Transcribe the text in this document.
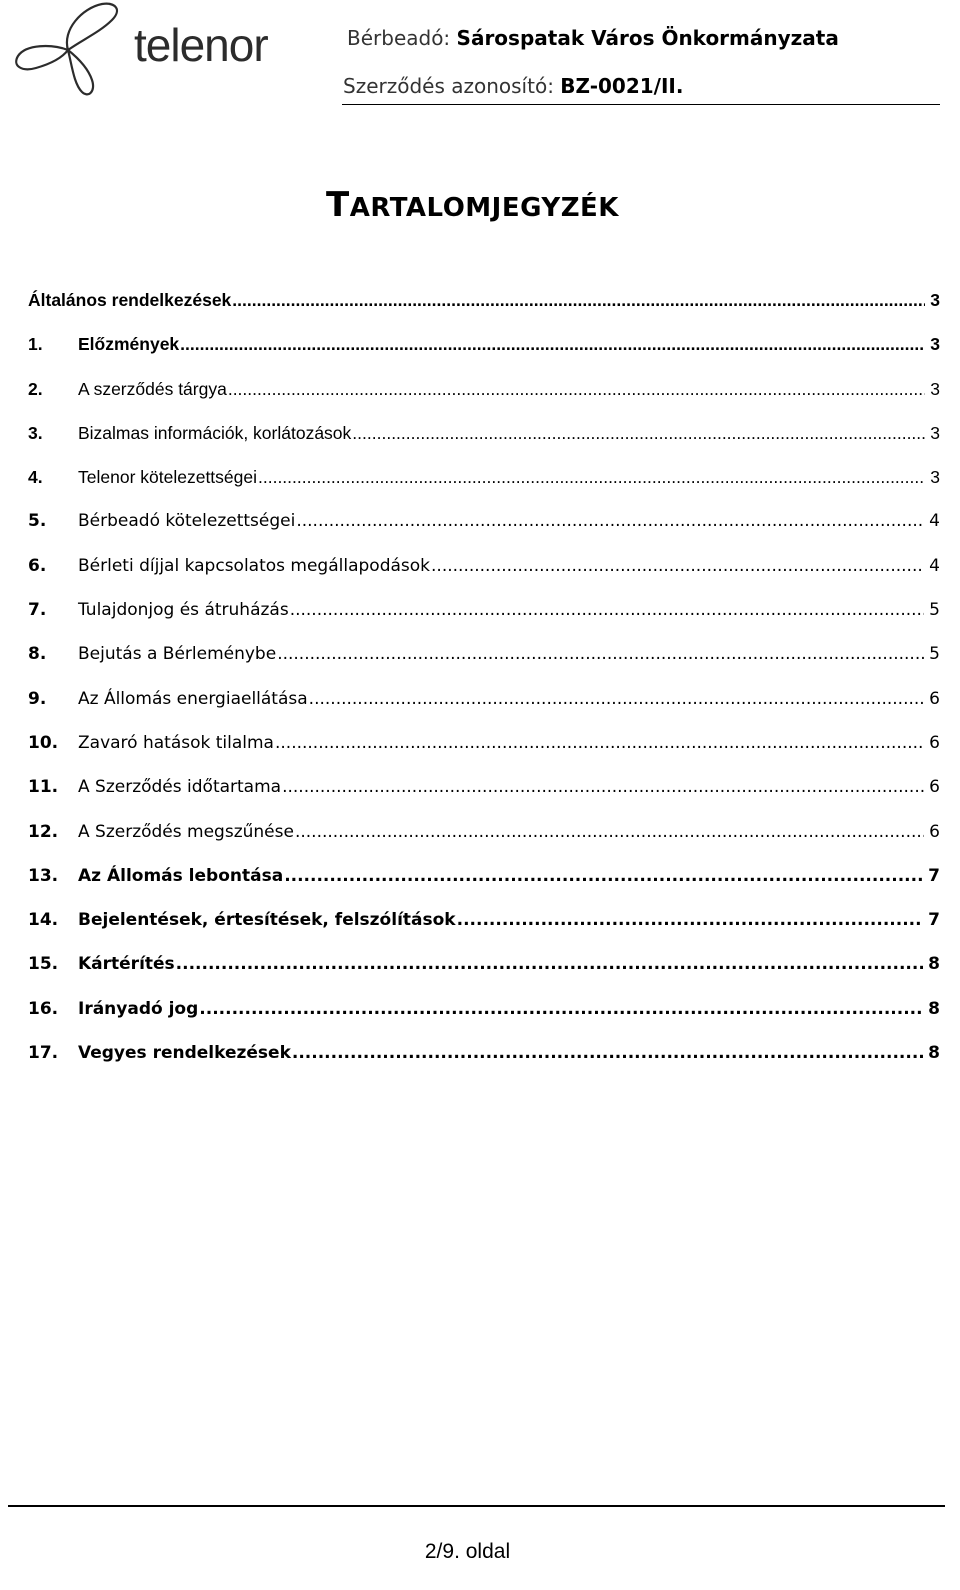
telenor	Bérbeadó: Sárospatak Város Önkormányzata
Szerződés azonosító: BZ-0021/II.
TARTALOMJEGYZÉK
Általános rendelkezések .....	3
1.	Előzmények .....	3
2.	A szerződés tárgya .....	3
3.	Bizalmas információk, korlátozások .....	3
4.	Telenor kötelezettségei .....	3
5.	Bérbeadó kötelezettségei .....	4
6.	Bérleti díjjal kapcsolatos megállapodások .....	4
7.	Tulajdonjog és átruházás .....	5
8.	Bejutás a Bérleménybe .....	5
9.	Az Állomás energiaellátása .....	6
10.	Zavaró hatások tilalma .....	6
11.	A Szerződés időtartama .....	6
12.	A Szerződés megszűnése .....	6
13.	Az Állomás lebontása .....	7
14.	Bejelentések, értesítések, felszólítások .....	7
15.	Kártérítés .....	8
16.	Irányadó jog .....	8
17.	Vegyes rendelkezések .....	8
2/9. oldal
